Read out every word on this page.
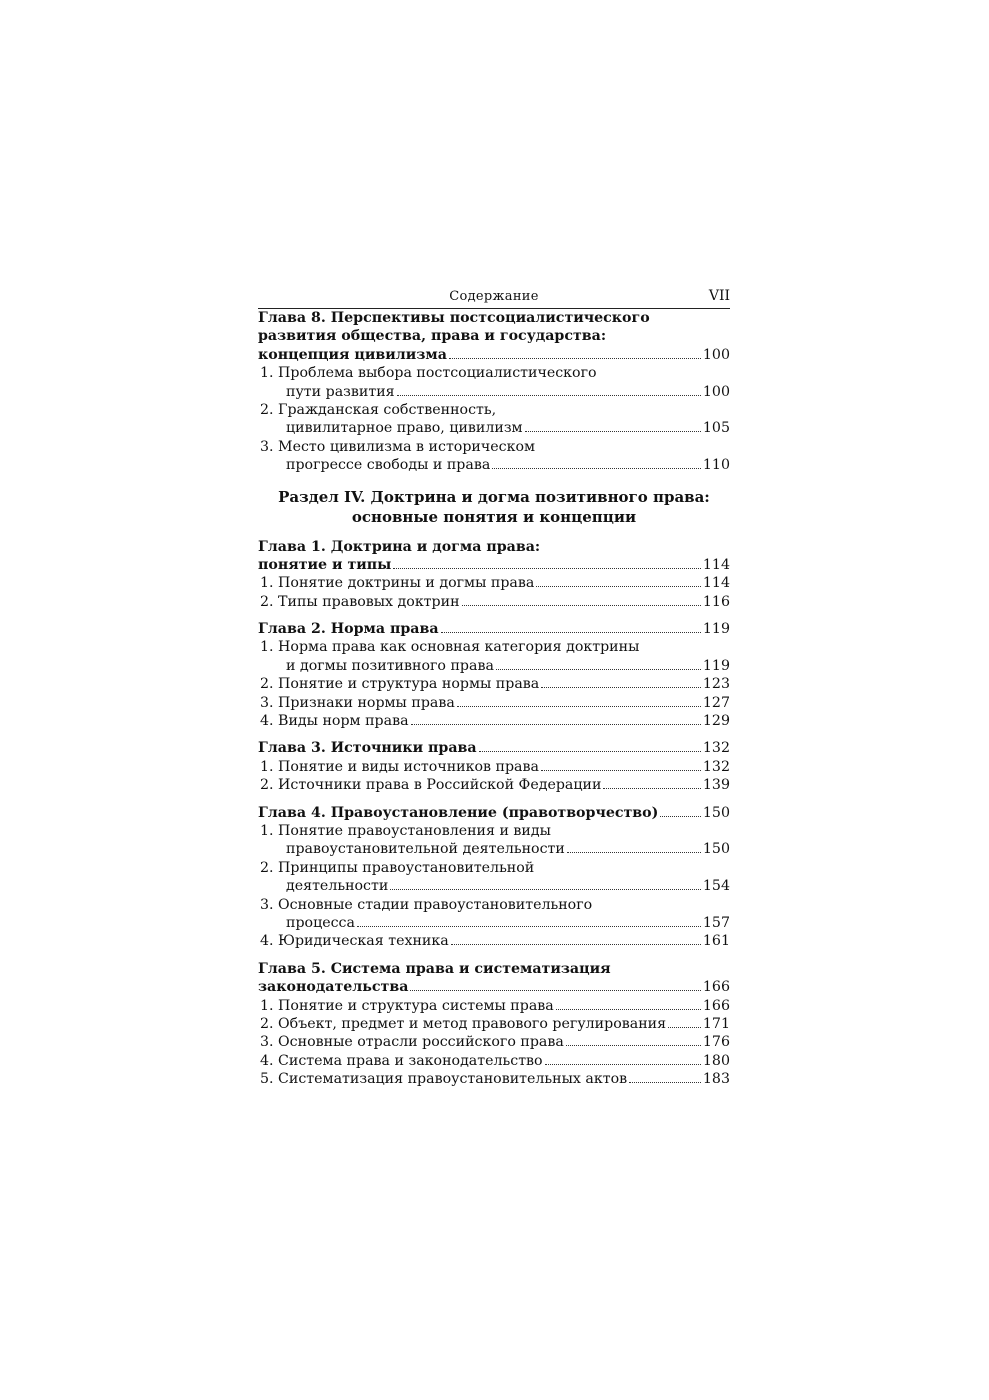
Содержание	VII
Глава 8. Перспективы постсоциалистического
развития общества, права и государства:
концепция цивилизма	100
1. Проблема выбора постсоциалистического
пути развития	100
2. Гражданская собственность,
цивилитарное право, цивилизм	105
3. Место цивилизма в историческом
прогрессе свободы и права	110
Раздел IV. Доктрина и догма позитивного права:
основные понятия и концепции
Глава 1. Доктрина и догма права:
понятие и типы	114
1. Понятие доктрины и догмы права	114
2. Типы правовых доктрин	116
Глава 2. Норма права	119
1. Норма права как основная категория доктрины
и догмы позитивного права	119
2. Понятие и структура нормы права	123
3. Признаки нормы права	127
4. Виды норм права	129
Глава 3. Источники права	132
1. Понятие и виды источников права	132
2. Источники права в Российской Федерации	139
Глава 4. Правоустановление (правотворчество)	150
1. Понятие правоустановления и виды
правоустановительной деятельности	150
2. Принципы правоустановительной
деятельности	154
3. Основные стадии правоустановительного
процесса	157
4. Юридическая техника	161
Глава 5. Система права и систематизация
законодательства	166
1. Понятие и структура системы права	166
2. Объект, предмет и метод правового регулирования	171
3. Основные отрасли российского права	176
4. Система права и законодательство	180
5. Систематизация правоустановительных актов	183
